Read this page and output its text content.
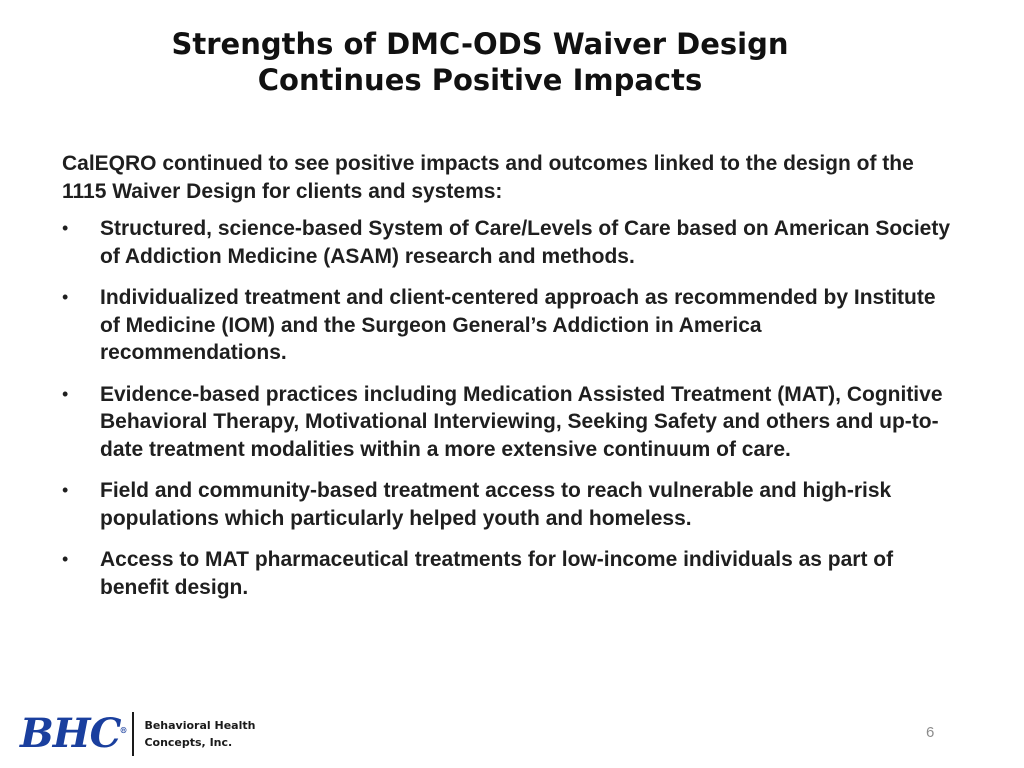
Strengths of DMC-ODS Waiver Design
Continues Positive Impacts

CalEQRO continued to see positive impacts and outcomes linked to the design of the 1115 Waiver Design for clients and systems:

• Structured, science-based System of Care/Levels of Care based on American Society of Addiction Medicine (ASAM) research and methods.
• Individualized treatment and client-centered approach as recommended by Institute of Medicine (IOM) and the Surgeon General’s Addiction in America recommendations.
• Evidence-based practices including Medication Assisted Treatment (MAT), Cognitive Behavioral Therapy, Motivational Interviewing, Seeking Safety and others and up-to-date treatment modalities within a more extensive continuum of care.
• Field and community-based treatment access to reach vulnerable and high-risk populations which particularly helped youth and homeless.
• Access to MAT pharmaceutical treatments for low-income individuals as part of benefit design.
BHC ® Behavioral Health
Concepts, Inc.
6
